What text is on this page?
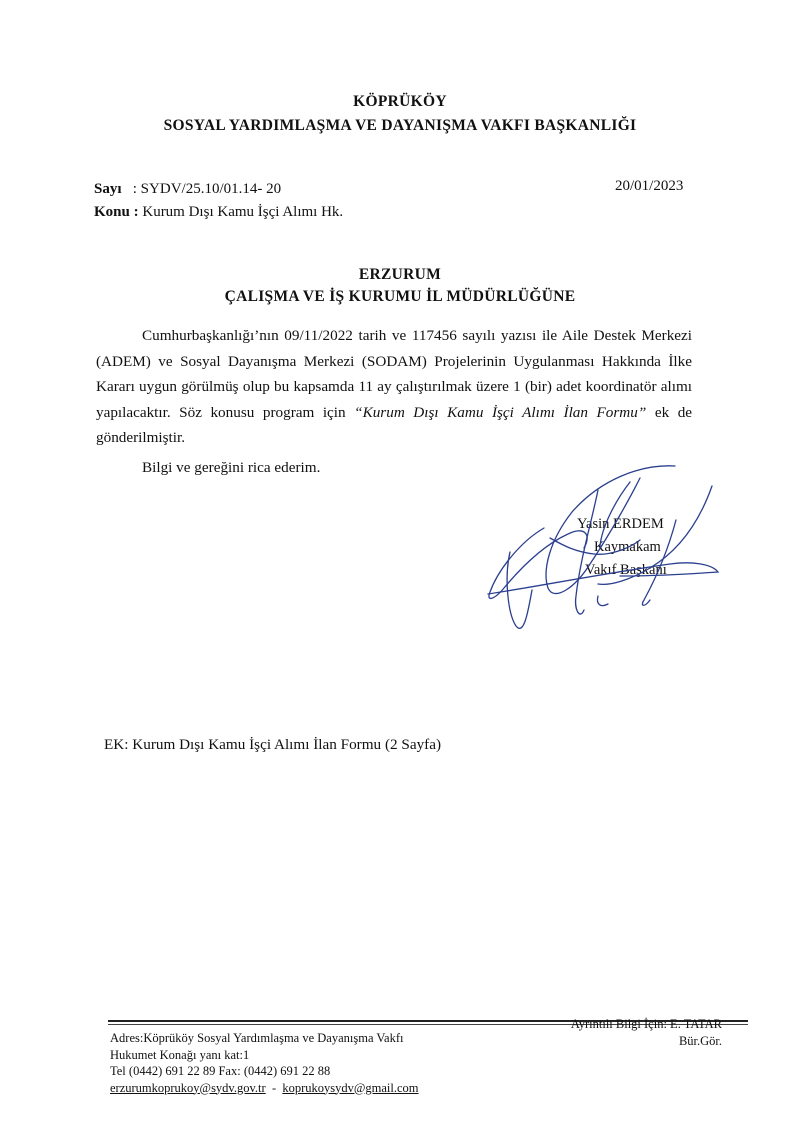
KÖPRÜKÖY
SOSYAL YARDIMLAŞMA VE DAYANIŞMA VAKFI BAŞKANLIĞI
Sayı : SYDV/25.10/01.14- 20
Konu : Kurum Dışı Kamu İşçi Alımı Hk.
20/01/2023
ERZURUM
ÇALIŞMA VE İŞ KURUMU İL MÜDÜRLÜĞÜNE
Cumhurbaşkanlığı’nın 09/11/2022 tarih ve 117456 sayılı yazısı ile Aile Destek Merkezi (ADEM) ve Sosyal Dayanışma Merkezi (SODAM) Projelerinin Uygulanması Hakkında İlke Kararı uygun görülmüş olup bu kapsamda 11 ay çalıştırılmak üzere 1 (bir) adet koordinatör alımı yapılacaktır. Söz konusu program için “Kurum Dışı Kamu İşçi Alımı İlan Formu” ek de gönderilmiştir.
Bilgi ve gereğini rica ederim.
Yasin ERDEM
Kaymakam
Vakıf Başkanı
EK: Kurum Dışı Kamu İşçi Alımı İlan Formu (2 Sayfa)
Adres:Köprüköy Sosyal Yardımlaşma ve Dayanışma Vakfı
Hukumet Konağı yanı kat:1
Tel (0442) 691 22 89 Fax: (0442) 691 22 88
erzurumkoprukoy@sydv.gov.tr - koprukoysydv@gmail.com
Ayrıntılı Bilgi İçin: E. TATAR
Bür.Gör.
